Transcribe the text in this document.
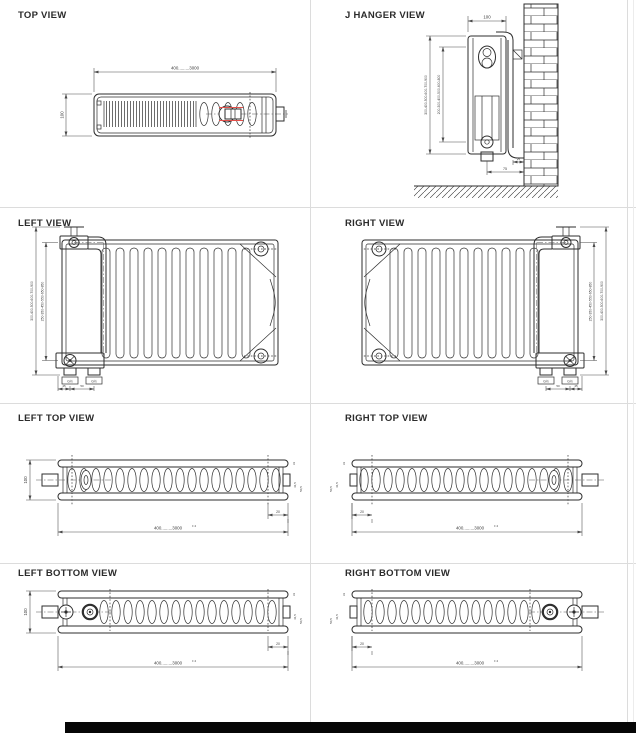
400.........3000
100
TOP VIEW	100
300-400-500-600-700-900	200-300-400-500-600-800
75
25
J HANGER VIEW
G½	G½
45	50
300-400-500-600-700-900 250-350-450-550-650-850
LEFT VIEW
G½	G½
50	45
300-400-500-600-700-900
250-350-450-550-650-850
RIGHT VIEW
100
400.........3000	± 2
20
31
41,5
50,5
LEFT TOP VIEW
400.........3000	± 2
20
31
41,5
50,5
RIGHT TOP VIEW
100
400.........3000	± 2
20
31
41,5
50,5
LEFT BOTTOM VIEW
400.........3000	± 2
20
31
41,5
50,5
RIGHT BOTTOM VIEW
